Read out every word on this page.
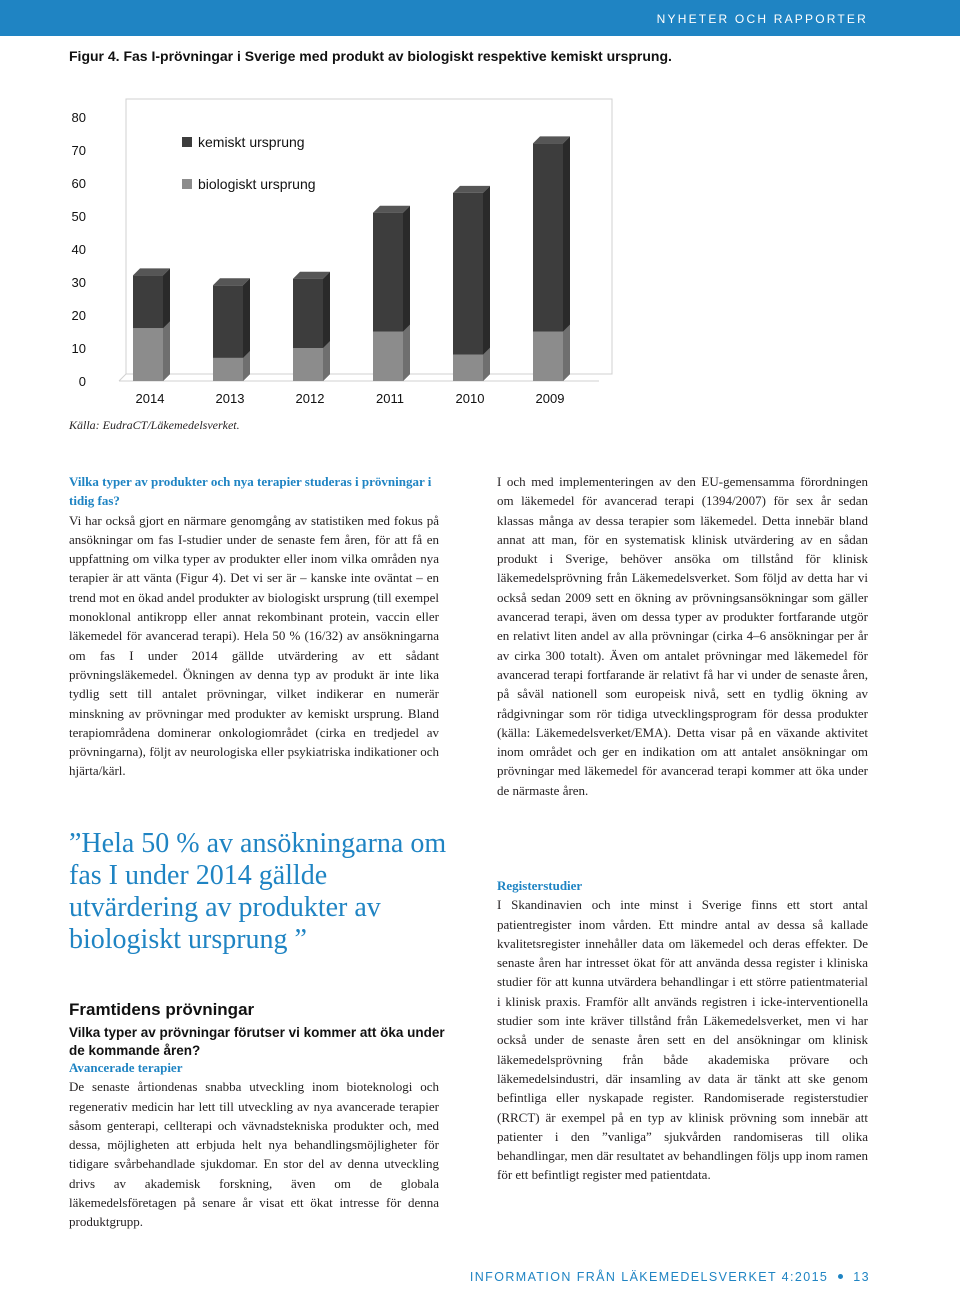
NYHETER OCH RAPPORTER
Figur 4. Fas I-prövningar i Sverige med produkt av biologiskt respektive kemiskt ursprung.
0
10
20
30
40
50
60
70
80
2014	2013	2012	2011	2010	2009
kemiskt ursprung
biologiskt ursprung
Källa: EudraCT/Läkemedelsverket.

Vilka typer av produkter och nya terapier studeras i prövningar i tidig fas?

Vi har också gjort en närmare genomgång av statistiken med fokus på ansökningar om fas I-studier under de senaste fem åren, för att få en uppfattning om vilka typer av produkter eller inom vilka områden nya terapier är att vänta (Figur 4). Det vi ser är – kanske inte oväntat – en trend mot en ökad andel produkter av biologiskt ursprung (till exempel monoklonal antikropp eller annat rekombinant protein, vaccin eller läkemedel för avancerad terapi). Hela 50 % (16/32) av ansökningarna om fas I under 2014 gällde utvärdering av ett sådant prövningsläkemedel. Ökningen av denna typ av produkt är inte lika tydlig sett till antalet prövningar, vilket indikerar en numerär minskning av prövningar med produkter av kemiskt ursprung. Bland terapiområdena dominerar onkologiområdet (cirka en tredjedel av prövningarna), följt av neurologiska eller psykiatriska indikationer och hjärta/kärl.

”Hela 50 % av ansökningarna om fas I under 2014 gällde utvärdering av produkter av biologiskt ursprung ”

Framtidens prövningar

Vilka typer av prövningar förutser vi kommer att öka under de kommande åren?

Avancerade terapier

De senaste årtiondenas snabba utveckling inom bioteknologi och regenerativ medicin har lett till utveckling av nya avancerade terapier såsom genterapi, cellterapi och vävnadstekniska produkter och, med dessa, möjligheten att erbjuda helt nya behandlingsmöjligheter för tidigare svårbehandlade sjukdomar. En stor del av denna utveckling drivs av akademisk forskning, även om de globala läkemedelsföretagen på senare år visat ett ökat intresse för denna produktgrupp.

I och med implementeringen av den EU-gemensamma förordningen om läkemedel för avancerad terapi (1394/2007) för sex år sedan klassas många av dessa terapier som läkemedel. Detta innebär bland annat att man, för en systematisk klinisk utvärdering av en sådan produkt i Sverige, behöver ansöka om tillstånd för klinisk läkemedelsprövning från Läkemedelsverket. Som följd av detta har vi också sedan 2009 sett en ökning av prövningsansökningar som gäller avancerad terapi, även om dessa typer av produkter fortfarande utgör en relativt liten andel av alla prövningar (cirka 4–6 ansökningar per år av cirka 300 totalt). Även om antalet prövningar med läkemedel för avancerad terapi fortfarande är relativt få har vi under de senaste åren, på såväl nationell som europeisk nivå, sett en tydlig ökning av rådgivningar som rör tidiga utvecklingsprogram för dessa produkter (källa: Läkemedelsverket/EMA). Detta visar på en växande aktivitet inom området och ger en indikation om att antalet ansökningar om prövningar med läkemedel för avancerad terapi kommer att öka under de närmaste åren.

Registerstudier

I Skandinavien och inte minst i Sverige finns ett stort antal patientregister inom vården. Ett mindre antal av dessa så kallade kvalitetsregister innehåller data om läkemedel och deras effekter. De senaste åren har intresset ökat för att använda dessa register i kliniska studier för att kunna utvärdera behandlingar i ett större patientmaterial i klinisk praxis. Framför allt används registren i icke-interventionella studier som inte kräver tillstånd från Läkemedelsverket, men vi har också under de senaste åren sett en del ansökningar om klinisk läkemedelsprövning från både akademiska prövare och läkemedelsindustri, där insamling av data är tänkt att ske genom befintliga eller nyskapade register. Randomiserade registerstudier (RRCT) är exempel på en typ av klinisk prövning som innebär att patienter i den ”vanliga” sjukvården randomiseras till olika behandlingar, men där resultatet av behandlingen följs upp inom ramen för ett befintligt register med patientdata.

INFORMATION FRÅN LÄKEMEDELSVERKET 4:2015 13
